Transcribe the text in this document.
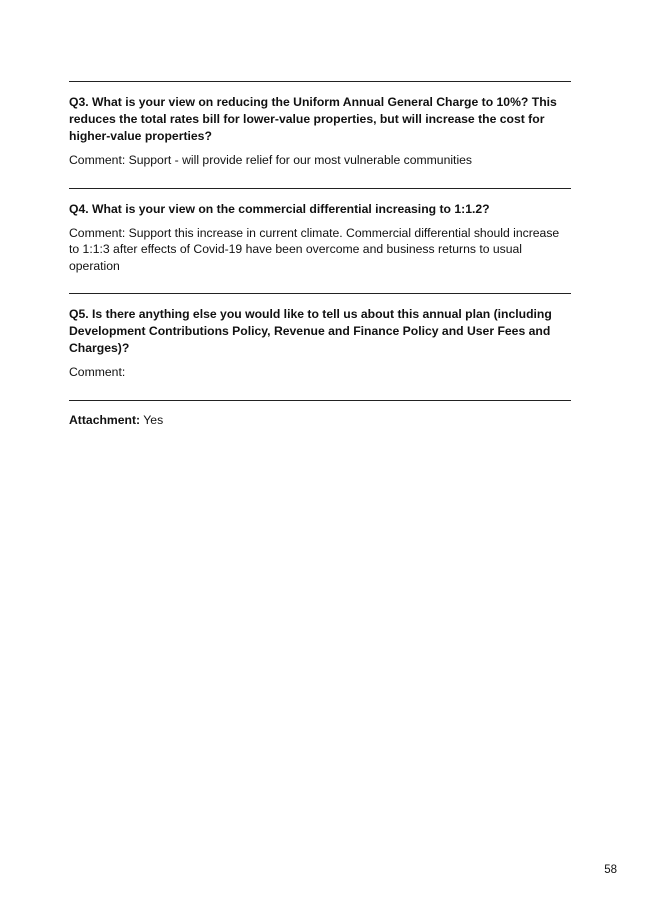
Q3. What is your view on reducing the Uniform Annual General Charge to 10%? This reduces the total rates bill for lower-value properties, but will increase the cost for higher-value properties?

Comment: Support - will provide relief for our most vulnerable communities

Q4. What is your view on the commercial differential increasing to 1:1.2?

Comment: Support this increase in current climate. Commercial differential should increase to 1:1:3 after effects of Covid-19 have been overcome and business returns to usual operation

Q5. Is there anything else you would like to tell us about this annual plan (including Development Contributions Policy, Revenue and Finance Policy and User Fees and Charges)?

Comment:

Attachment: Yes

58
